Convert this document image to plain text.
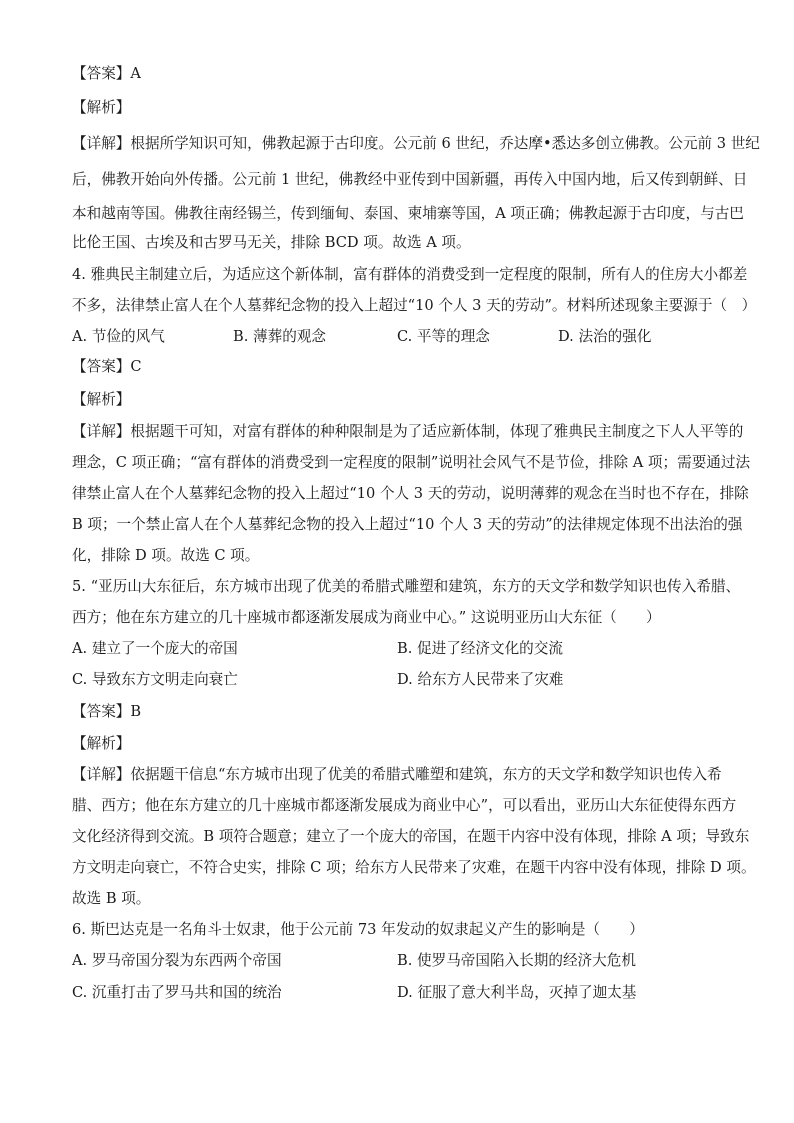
【答案】A
【解析】
【详解】根据所学知识可知，佛教起源于古印度。公元前 6 世纪，乔达摩•悉达多创立佛教。公元前 3 世纪
后，佛教开始向外传播。公元前 1 世纪，佛教经中亚传到中国新疆，再传入中国内地，后又传到朝鲜、日
本和越南等国。佛教往南经锡兰，传到缅甸、泰国、柬埔寨等国，A 项正确；佛教起源于古印度，与古巴
比伦王国、古埃及和古罗马无关，排除 BCD 项。故选 A 项。
4. 雅典民主制建立后，为适应这个新体制，富有群体的消费受到一定程度的限制，所有人的住房大小都差
不多，法律禁止富人在个人墓葬纪念物的投入上超过“10 个人 3 天的劳动”。材料所述现象主要源于（　）
A. 节俭的风气	B. 薄葬的观念	C. 平等的理念	D. 法治的强化
【答案】C
【解析】
【详解】根据题干可知，对富有群体的种种限制是为了适应新体制，体现了雅典民主制度之下人人平等的
理念，C 项正确；“富有群体的消费受到一定程度的限制”说明社会风气不是节俭，排除 A 项；需要通过法
律禁止富人在个人墓葬纪念物的投入上超过“10 个人 3 天的劳动，说明薄葬的观念在当时也不存在，排除
B 项；一个禁止富人在个人墓葬纪念物的投入上超过“10 个人 3 天的劳动”的法律规定体现不出法治的强
化，排除 D 项。故选 C 项。
5. “亚历山大东征后，东方城市出现了优美的希腊式雕塑和建筑，东方的天文学和数学知识也传入希腊、
西方；他在东方建立的几十座城市都逐渐发展成为商业中心。” 这说明亚历山大东征（　　）
A. 建立了一个庞大的帝国	B. 促进了经济文化的交流
C. 导致东方文明走向衰亡	D. 给东方人民带来了灾难
【答案】B
【解析】
【详解】依据题干信息“东方城市出现了优美的希腊式雕塑和建筑，东方的天文学和数学知识也传入希
腊、西方；他在东方建立的几十座城市都逐渐发展成为商业中心”，可以看出，亚历山大东征使得东西方
文化经济得到交流。B 项符合题意；建立了一个庞大的帝国，在题干内容中没有体现，排除 A 项；导致东
方文明走向衰亡，不符合史实，排除 C 项；给东方人民带来了灾难，在题干内容中没有体现，排除 D 项。
故选 B 项。
6. 斯巴达克是一名角斗士奴隶，他于公元前 73 年发动的奴隶起义产生的影响是（　　）
A. 罗马帝国分裂为东西两个帝国	B. 使罗马帝国陷入长期的经济大危机
C. 沉重打击了罗马共和国的统治	D. 征服了意大利半岛，灭掉了迦太基
